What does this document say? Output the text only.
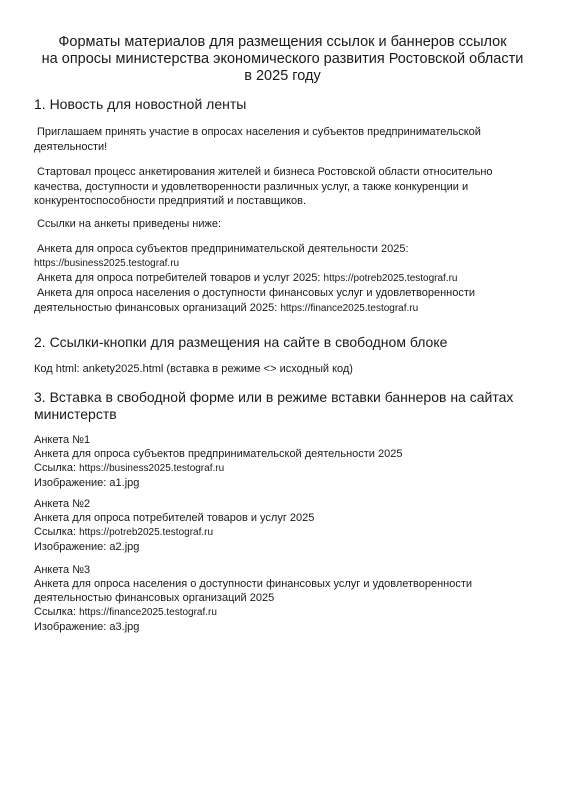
Форматы материалов для размещения ссылок и баннеров ссылок
на опросы министерства экономического развития Ростовской области
в 2025 году
1. Новость для новостной ленты
Приглашаем принять участие в опросах населения и субъектов предпринимательской
деятельности!
Стартовал процесс анкетирования жителей и бизнеса Ростовской области относительно
качества, доступности и удовлетворенности различных услуг, а также конкуренции и
конкурентоспособности предприятий и поставщиков.
Ссылки на анкеты приведены ниже:
Анкета для опроса субъектов предпринимательской деятельности 2025:
https://business2025.testograf.ru
Анкета для опроса потребителей товаров и услуг 2025: https://potreb2025.testograf.ru
Анкета для опроса населения о доступности финансовых услуг и удовлетворенности
деятельностью финансовых организаций 2025: https://finance2025.testograf.ru
2. Ссылки-кнопки для размещения на сайте в свободном блоке
Код html: ankety2025.html (вставка в режиме <> исходный код)
3. Вставка в свободной форме или в режиме вставки баннеров на сайтах
министерств
Анкета №1
Анкета для опроса субъектов предпринимательской деятельности 2025
Ссылка: https://business2025.testograf.ru
Изображение: a1.jpg
Анкета №2
Анкета для опроса потребителей товаров и услуг 2025
Ссылка: https://potreb2025.testograf.ru
Изображение: a2.jpg
Анкета №3
Анкета для опроса населения о доступности финансовых услуг и удовлетворенности
деятельностью финансовых организаций 2025
Ссылка: https://finance2025.testograf.ru
Изображение: a3.jpg
